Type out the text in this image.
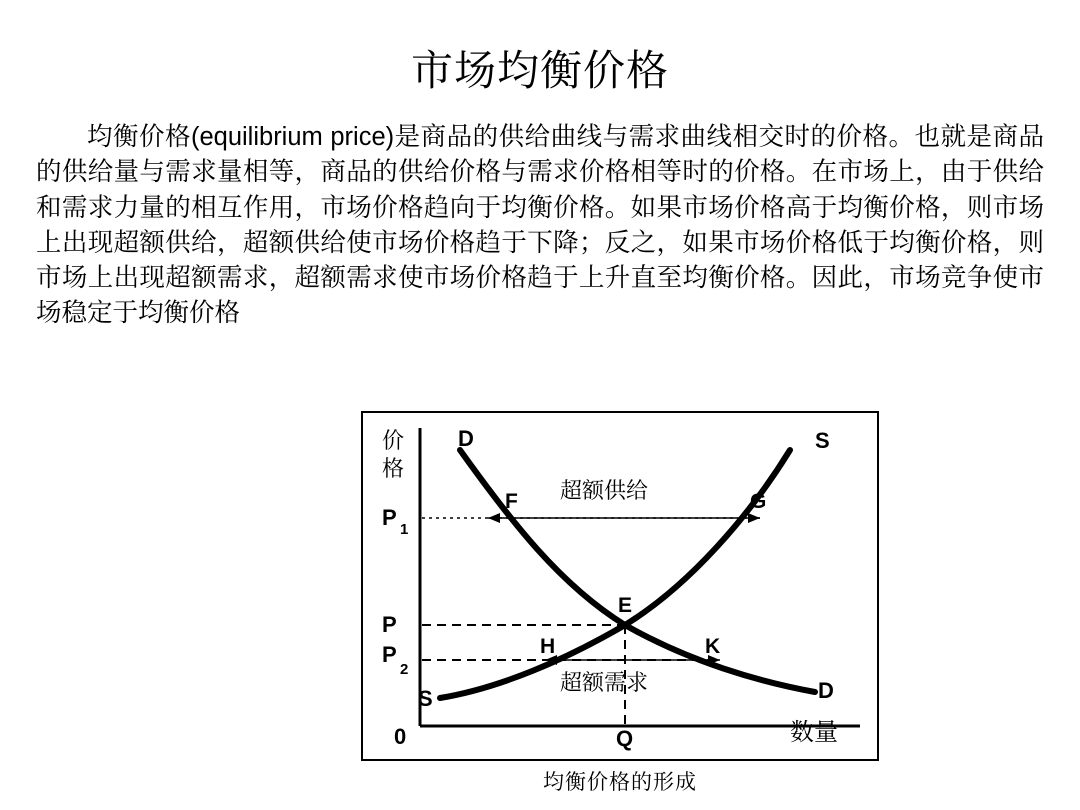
市场均衡价格

均衡价格(equilibrium price)是商品的供给曲线与需求曲线相交时的价格。也就是商品的供给量与需求量相等，商品的供给价格与需求价格相等时的价格。在市场上，由于供给和需求力量的相互作用，市场价格趋向于均衡价格。如果市场价格高于均衡价格，则市场上出现超额供给，超额供给使市场价格趋于下降；反之，如果市场价格低于均衡价格，则市场上出现超额需求，超额需求使市场价格趋于上升直至均衡价格。因此，市场竞争使市场稳定于均衡价格

价
格
数量
0
P 1
P
P
2
Q
D	S
S	D
F	G
E
H	K
超额供给
超额需求
均衡价格的形成
